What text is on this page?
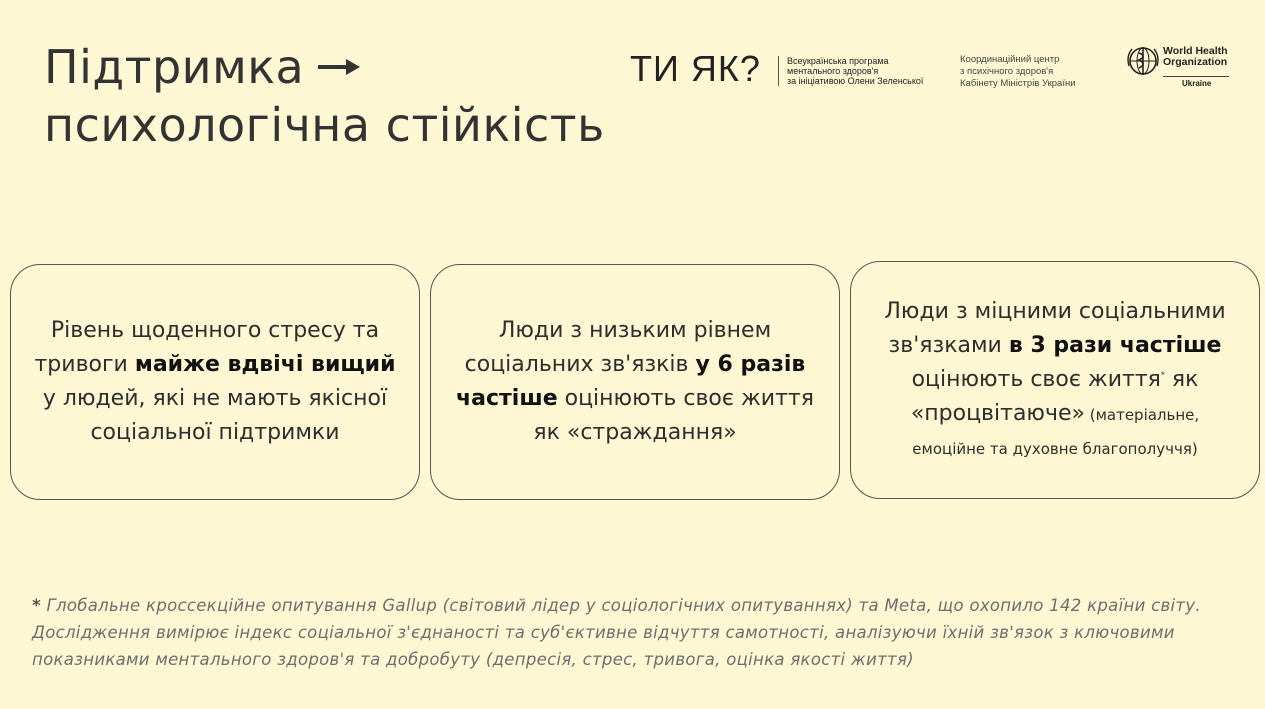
Підтримка
психологічна стійкість
ТИ ЯК?	Всеукраїнська програма
ментального здоров'я
за ініціативою Олени Зеленської
Координаційний центр
з психічного здоров'я
Кабінету Міністрів України
World Health
Organization
Ukraine
Рівень щоденного стресу та тривоги майже вдвічі вищий у людей, які не мають якісної соціальної підтримки
Люди з низьким рівнем соціальних зв'язків у 6 разів частіше оцінюють своє життя як «страждання»
Люди з міцними соціальними зв'язками в 3 рази частіше оцінюють своє життя* як «процвітаюче» (матеріальне, емоційне та духовне благополуччя)
* Глобальне кроссекційне опитування Gallup (світовий лідер у соціологічних опитуваннях) та Meta, що охопило 142 країни світу. Дослідження вимірює індекс соціальної з'єднаності та суб'єктивне відчуття самотності, аналізуючи їхній зв'язок з ключовими показниками ментального здоров'я та добробуту (депресія, стрес, тривога, оцінка якості життя)
